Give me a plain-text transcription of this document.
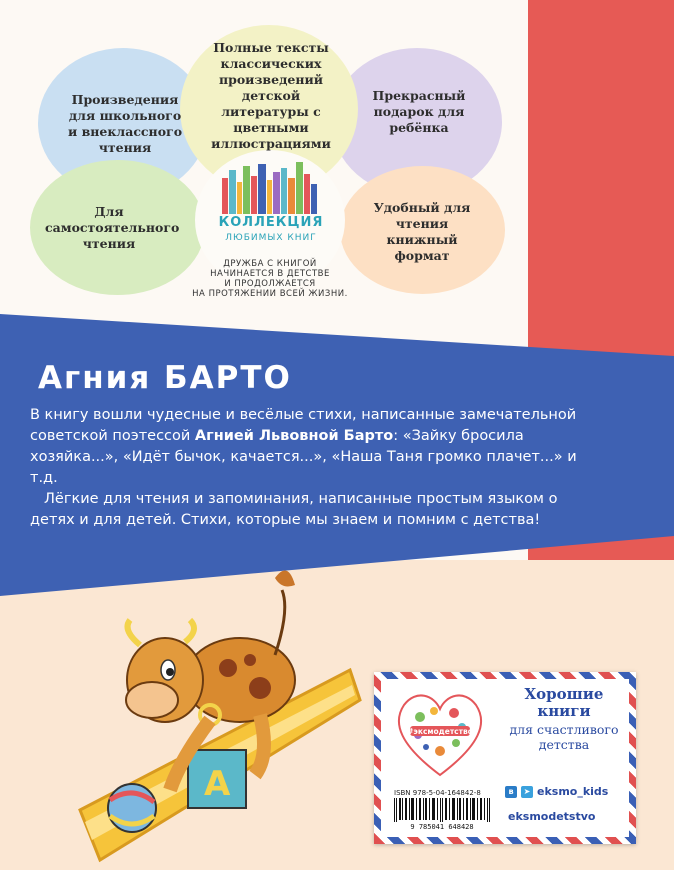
Произведения для школьного и внеклассного чтения
Полные тексты классических произведений детской литературы с цветными иллюстрациями
Прекрасный подарок для ребёнка
Для самостоятельного чтения
Удобный для чтения книжный формат
КОЛЛЕКЦИЯ
ЛЮБИМЫХ КНИГ
ДРУЖБА С КНИГОЙ
НАЧИНАЕТСЯ В ДЕТСТВЕ
И ПРОДОЛЖАЕТСЯ
НА ПРОТЯЖЕНИИ ВСЕЙ ЖИЗНИ.
Агния БАРТО

В книгу вошли чудесные и весёлые стихи, написанные замечательной советской поэтессой Агнией Львовной Барто: «Зайку бросила хозяйка...», «Идёт бычок, качается...», «Наша Таня громко плачет...» и т.д.

Лёгкие для чтения и запоминания, написанные простым языком о детях и для детей. Стихи, которые мы знаем и помним с детства!

A
#эксмодетство
Хорошие книги
для счастливого детства
ISBN 978-5-04-164842-8
9 785041 648428
в	➤ eksmo_kids
eksmodetstvo
